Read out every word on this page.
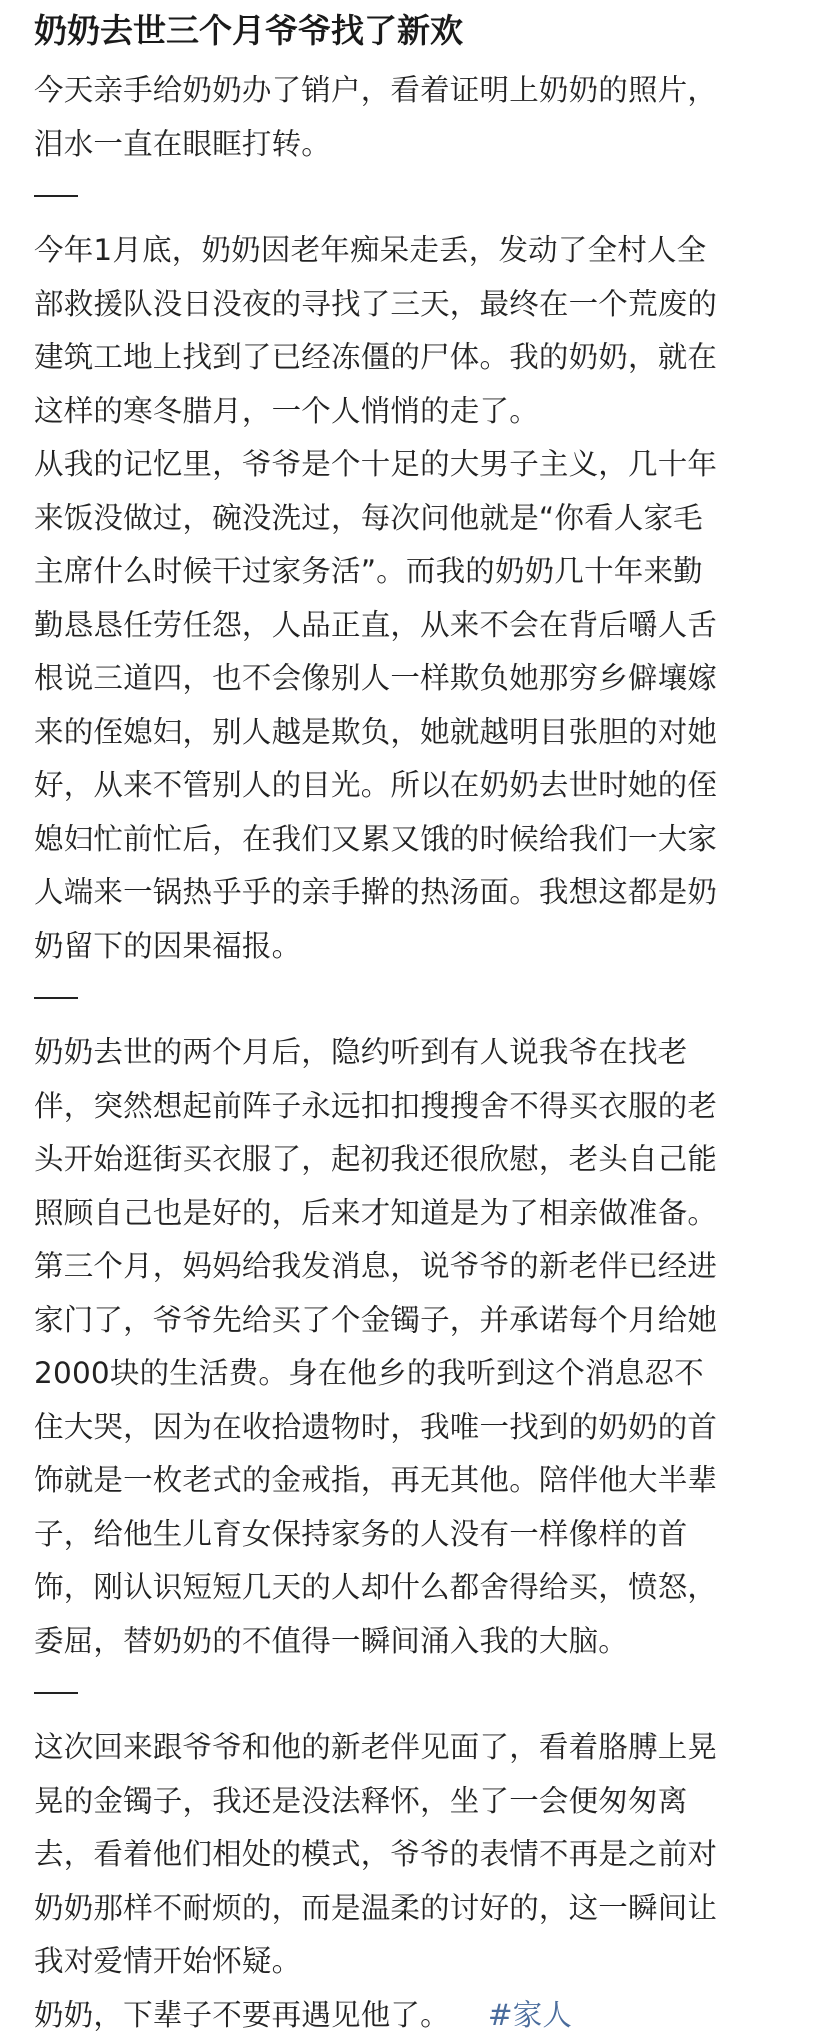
奶奶去世三个月爷爷找了新欢

今天亲手给奶奶办了销户，看着证明上奶奶的照片，

泪水一直在眼眶打转。

今年1月底，奶奶因老年痴呆走丢，发动了全村人全

部救援队没日没夜的寻找了三天，最终在一个荒废的

建筑工地上找到了已经冻僵的尸体。我的奶奶，就在

这样的寒冬腊月，一个人悄悄的走了。

从我的记忆里，爷爷是个十足的大男子主义，几十年

来饭没做过，碗没洗过，每次问他就是“你看人家毛

主席什么时候干过家务活”。而我的奶奶几十年来勤

勤恳恳任劳任怨，人品正直，从来不会在背后嚼人舌

根说三道四，也不会像别人一样欺负她那穷乡僻壤嫁

来的侄媳妇，别人越是欺负，她就越明目张胆的对她

好，从来不管别人的目光。所以在奶奶去世时她的侄

媳妇忙前忙后，在我们又累又饿的时候给我们一大家

人端来一锅热乎乎的亲手擀的热汤面。我想这都是奶

奶留下的因果福报。

奶奶去世的两个月后，隐约听到有人说我爷在找老

伴，突然想起前阵子永远扣扣搜搜舍不得买衣服的老

头开始逛街买衣服了，起初我还很欣慰，老头自己能

照顾自己也是好的，后来才知道是为了相亲做准备。

第三个月，妈妈给我发消息，说爷爷的新老伴已经进

家门了，爷爷先给买了个金镯子，并承诺每个月给她

2000块的生活费。身在他乡的我听到这个消息忍不

住大哭，因为在收拾遗物时，我唯一找到的奶奶的首

饰就是一枚老式的金戒指，再无其他。陪伴他大半辈

子，给他生儿育女保持家务的人没有一样像样的首

饰，刚认识短短几天的人却什么都舍得给买，愤怒，

委屈，替奶奶的不值得一瞬间涌入我的大脑。

这次回来跟爷爷和他的新老伴见面了，看着胳膊上晃

晃的金镯子，我还是没法释怀，坐了一会便匆匆离

去，看着他们相处的模式，爷爷的表情不再是之前对

奶奶那样不耐烦的，而是温柔的讨好的，这一瞬间让

我对爱情开始怀疑。

奶奶，下辈子不要再遇见他了。 #家人
